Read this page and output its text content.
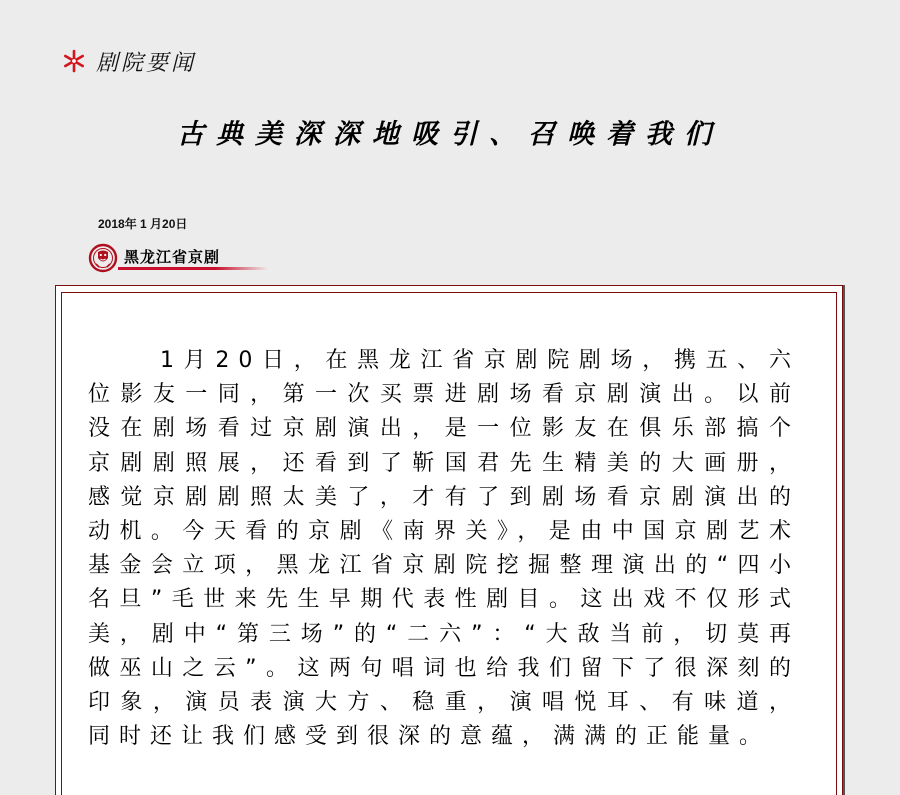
剧院要闻
古典美深深地吸引、召唤着我们
2018年 1 月20日
黑龙江省京剧

1月20日，在黑龙江省京剧院剧场，携五、六位影友一同，第一次买票进剧场看京剧演出。以前没在剧场看过京剧演出，是一位影友在俱乐部搞个京剧剧照展，还看到了靳国君先生精美的大画册，感觉京剧剧照太美了，才有了到剧场看京剧演出的动机。今天看的京剧《南界关》，是由中国京剧艺术基金会立项，黑龙江省京剧院挖掘整理演出的“四小名旦”毛世来先生早期代表性剧目。这出戏不仅形式美，剧中“第三场”的“二六”：“大敌当前，切莫再做巫山之云”。这两句唱词也给我们留下了很深刻的印象，演员表演大方、稳重，演唱悦耳、有味道，同时还让我们感受到很深的意蕴，满满的正能量。
